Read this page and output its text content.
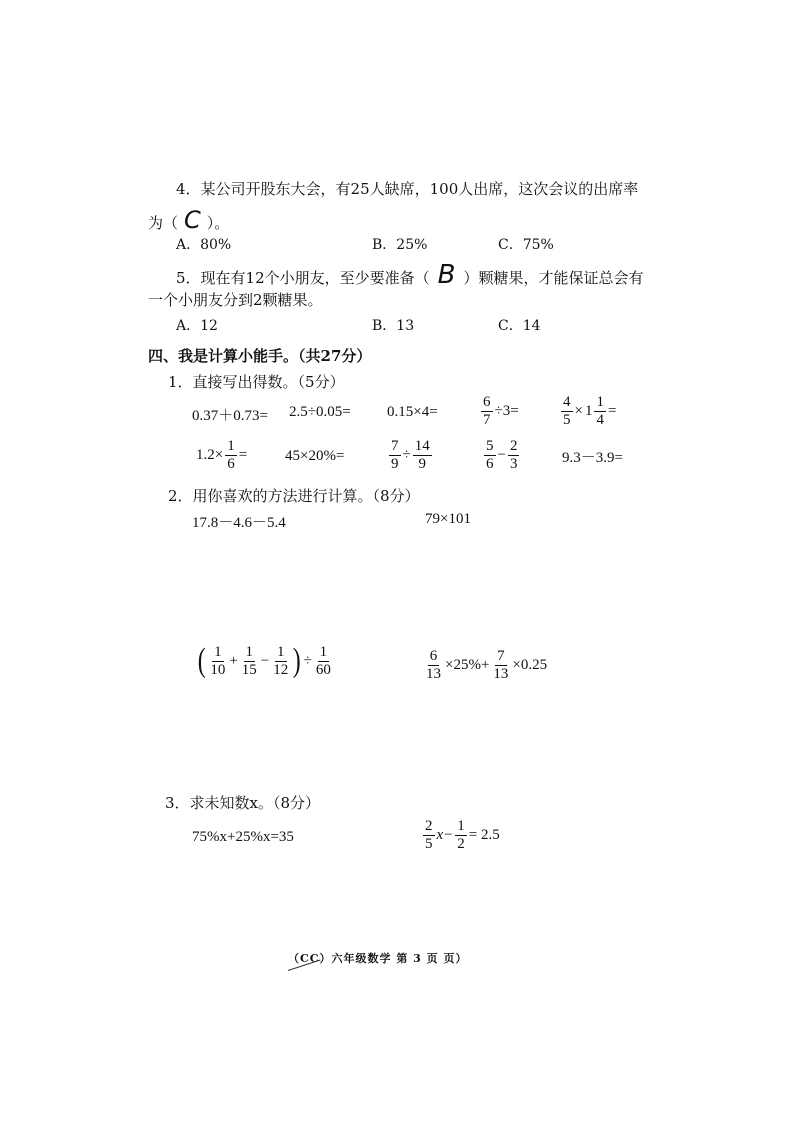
4．某公司开股东大会，有25人缺席，100人出席，这次会议的出席率
为（ C ）。
A．80%	B．25%	C．75%
5．现在有12个小朋友，至少要准备（ B ）颗糖果，才能保证总会有
一个小朋友分到2颗糖果。
A．12	B．13	C．14
四、我是计算小能手。（共27分）
1．直接写出得数。（5分）
0.37＋0.73= 2.5÷0.05= 0.15×4=	$\frac{6}{7} \div 3=$	$\frac{4}{5} \times 1 \frac{1}{4}$ =
$1.2\times \frac{1}{6}$ =	45×20%=	$\frac{7}{9} \div \frac{14}{9}$	$\frac{5}{6} - \frac{2}{3}$	9.3－3.9=
2．用你喜欢的方法进行计算。（8分）
17.8－4.6－5.4	79×101
( $\frac{1}{10} + \frac{1}{15} - \frac{1}{12}$ ) ÷ $\frac{1}{60}$	$\frac{6}{13} \times 25\%+ \frac{7}{13} \times 0.25$
3．求未知数x。（8分）
75%x+25%x=35	$\frac{2}{5} x- \frac{1}{2} = 2.5$
（CC）六年级数学 第 3 页 页）
